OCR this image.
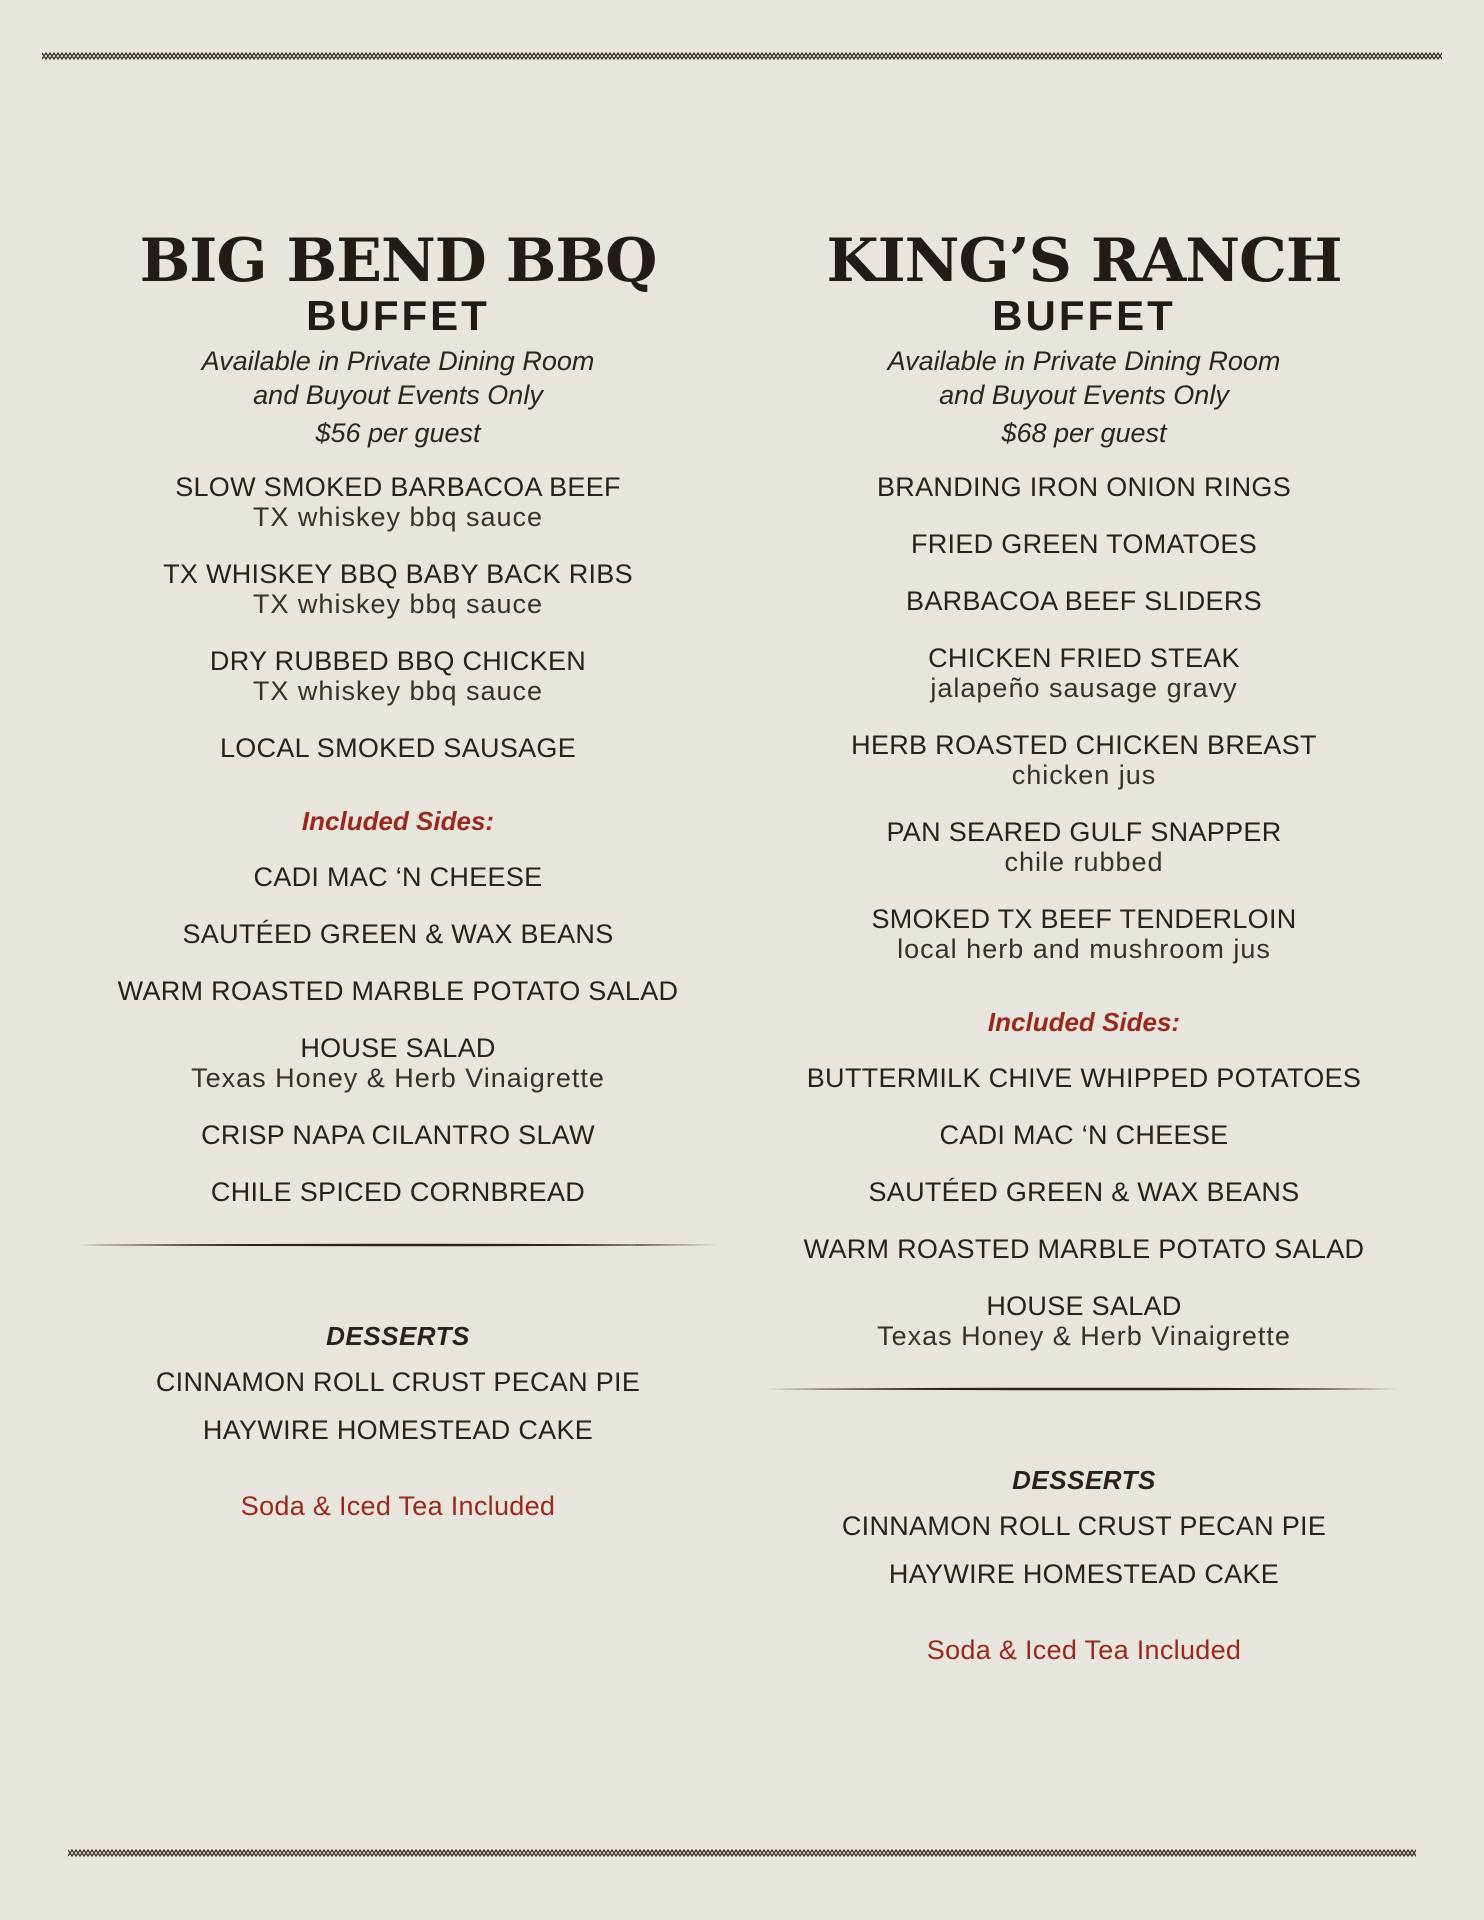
BIG BEND BBQ
BUFFET
Available in Private Dining Room
and Buyout Events Only
$56 per guest
SLOW SMOKED BARBACOA BEEF
TX whiskey bbq sauce
TX WHISKEY BBQ BABY BACK RIBS
TX whiskey bbq sauce
DRY RUBBED BBQ CHICKEN
TX whiskey bbq sauce
LOCAL SMOKED SAUSAGE
Included Sides:
CADI MAC ‘N CHEESE
SAUTÉED GREEN & WAX BEANS
WARM ROASTED MARBLE POTATO SALAD
HOUSE SALAD
Texas Honey & Herb Vinaigrette
CRISP NAPA CILANTRO SLAW
CHILE SPICED CORNBREAD
DESSERTS
CINNAMON ROLL CRUST PECAN PIE
HAYWIRE HOMESTEAD CAKE
Soda & Iced Tea Included
KING’S RANCH
BUFFET
Available in Private Dining Room
and Buyout Events Only
$68 per guest
BRANDING IRON ONION RINGS
FRIED GREEN TOMATOES
BARBACOA BEEF SLIDERS
CHICKEN FRIED STEAK
jalapeño sausage gravy
HERB ROASTED CHICKEN BREAST
chicken jus
PAN SEARED GULF SNAPPER
chile rubbed
SMOKED TX BEEF TENDERLOIN
local herb and mushroom jus
Included Sides:
BUTTERMILK CHIVE WHIPPED POTATOES
CADI MAC ‘N CHEESE
SAUTÉED GREEN & WAX BEANS
WARM ROASTED MARBLE POTATO SALAD
HOUSE SALAD
Texas Honey & Herb Vinaigrette
DESSERTS
CINNAMON ROLL CRUST PECAN PIE
HAYWIRE HOMESTEAD CAKE
Soda & Iced Tea Included
